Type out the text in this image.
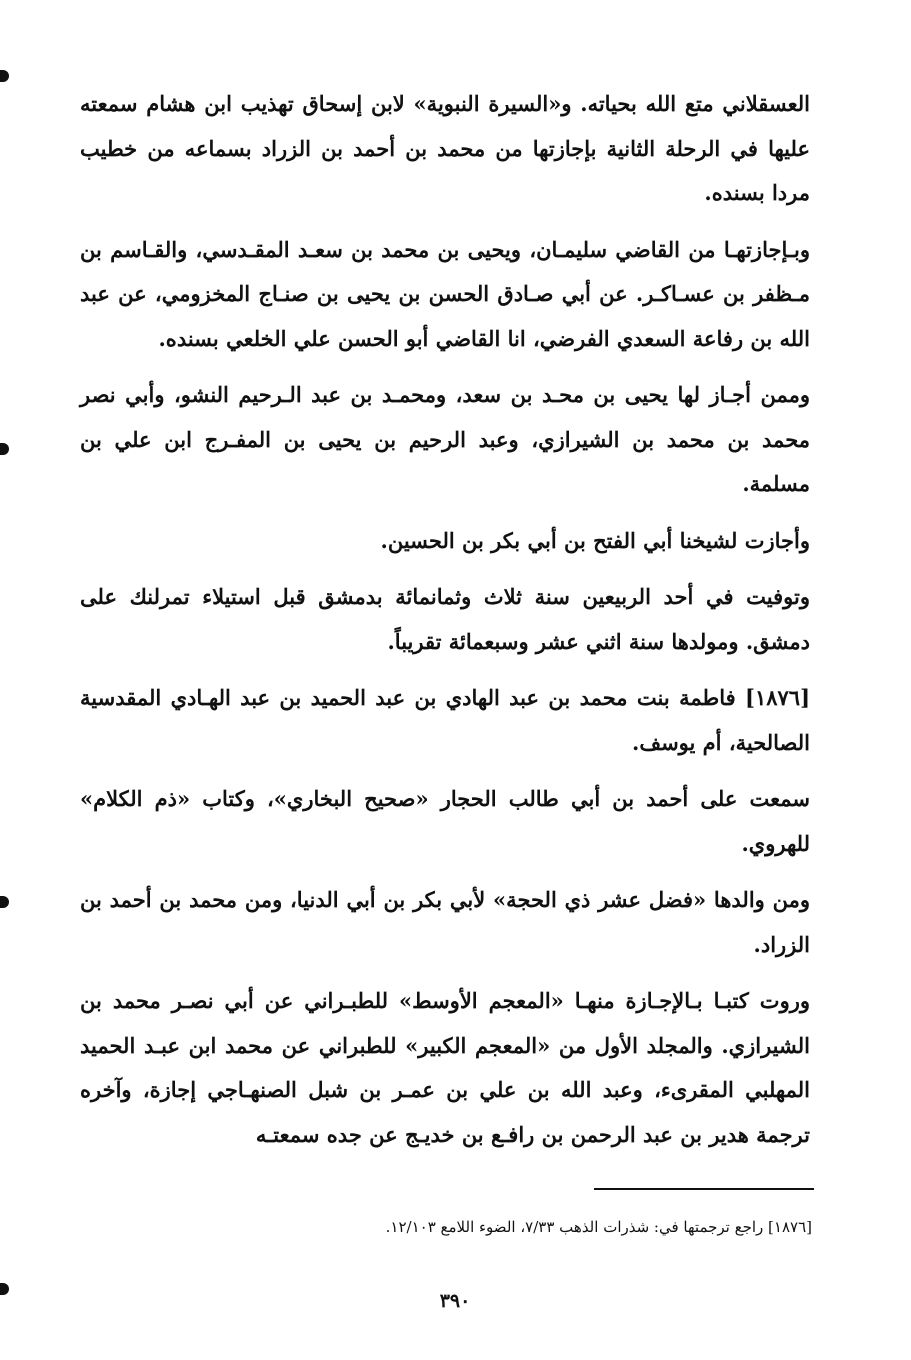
العسقلاني متع الله بحياته. و«السيرة النبوية» لابن إسحاق تهذيب ابن هشام سمعته عليها في الرحلة الثانية بإجازتها من محمد بن أحمد بن الزراد بسماعه من خطيب مردا بسنده.

وبـإجازتهـا من القاضي سليمـان، ويحيى بن محمد بن سعـد المقـدسي، والقـاسم بن مـظفر بن عسـاكـر. عن أبي صـادق الحسن بن يحيى بن صنـاج المخزومي، عن عبد الله بن رفاعة السعدي الفرضي، انا القاضي أبو الحسن علي الخلعي بسنده.

وممن أجـاز لها يحيى بن محـد بن سعد، ومحمـد بن عبد الـرحيم النشو، وأبي نصر محمد بن محمد بن الشيرازي، وعبد الرحيم بن يحيى بن المفـرج ابن علي بن مسلمة.

وأجازت لشيخنا أبي الفتح بن أبي بكر بن الحسين.

وتوفيت في أحد الربيعين سنة ثلاث وثمانمائة بدمشق قبل استيلاء تمرلنك على دمشق. ومولدها سنة اثني عشر وسبعمائة تقريباً.

[١٨٧٦] فاطمة بنت محمد بن عبد الهادي بن عبد الحميد بن عبد الهـادي المقدسية الصالحية، أم يوسف.

سمعت على أحمد بن أبي طالب الحجار «صحيح البخاري»، وكتاب «ذم الكلام» للهروي.

ومن والدها «فضل عشر ذي الحجة» لأبي بكر بن أبي الدنيا، ومن محمد بن أحمد بن الزراد.

وروت كتبـا بـالإجـازة منهـا «المعجم الأوسط» للطبـراني عن أبي نصـر محمد بن الشيرازي. والمجلد الأول من «المعجم الكبير» للطبراني عن محمد ابن عبـد الحميد المهلبي المقرىء، وعبد الله بن علي بن عمـر بن شبل الصنهـاجي إجازة، وآخره ترجمة هدير بن عبد الرحمن بن رافـع بن خديـج عن جده سمعتـه

[١٨٧٦] راجع ترجمتها في: شذرات الذهب ٧/٣٣، الضوء اللامع ١٢/١٠٣.
٣٩٠
